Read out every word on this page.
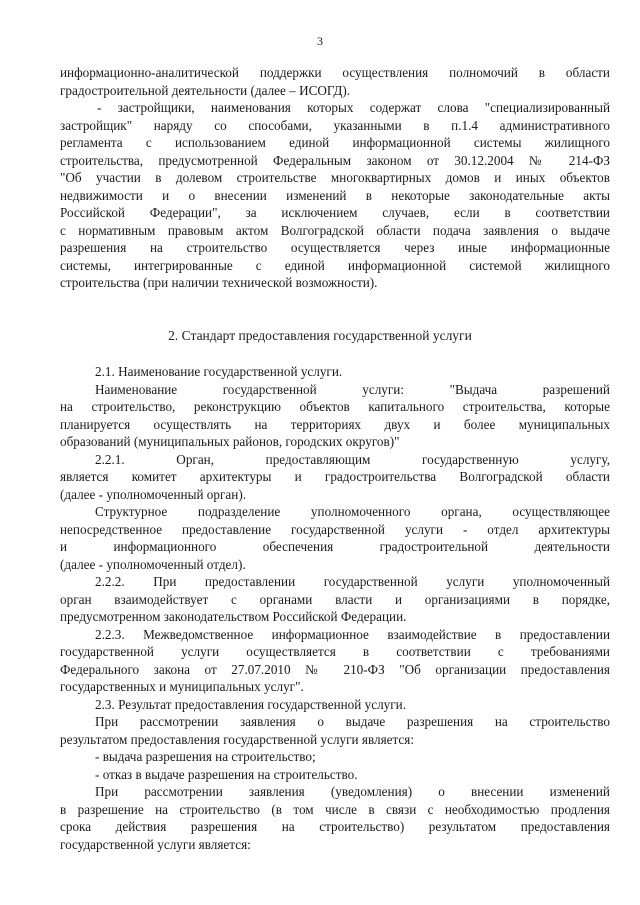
3
информационно-аналитической поддержки осуществления полномочий в области
градостроительной деятельности (далее – ИСОГД).
- застройщики, наименования которых содержат слова "специализированный
застройщик" наряду со способами, указанными в п.1.4 административного
регламента с использованием единой информационной системы жилищного
строительства, предусмотренной Федеральным законом от 30.12.2004 № 214-ФЗ
"Об участии в долевом строительстве многоквартирных домов и иных объектов
недвижимости и о внесении изменений в некоторые законодательные акты
Российской Федерации", за исключением случаев, если в соответствии
с нормативным правовым актом Волгоградской области подача заявления о выдаче
разрешения на строительство осуществляется через иные информационные
системы, интегрированные с единой информационной системой жилищного
строительства (при наличии технической возможности).
2. Стандарт предоставления государственной услуги
2.1. Наименование государственной услуги.
Наименование государственной услуги: "Выдача разрешений
на строительство, реконструкцию объектов капитального строительства, которые
планируется осуществлять на территориях двух и более муниципальных
образований (муниципальных районов, городских округов)"
2.2.1. Орган, предоставляющим государственную услугу,
является комитет архитектуры и градостроительства Волгоградской области
(далее - уполномоченный орган).
Структурное подразделение уполномоченного органа, осуществляющее
непосредственное предоставление государственной услуги - отдел архитектуры
и информационного обеспечения градостроительной деятельности
(далее - уполномоченный отдел).
2.2.2. При предоставлении государственной услуги уполномоченный
орган взаимодействует с органами власти и организациями в порядке,
предусмотренном законодательством Российской Федерации.
2.2.3. Межведомственное информационное взаимодействие в предоставлении
государственной услуги осуществляется в соответствии с требованиями
Федерального закона от 27.07.2010 № 210-ФЗ "Об организации предоставления
государственных и муниципальных услуг".
2.3. Результат предоставления государственной услуги.
При рассмотрении заявления о выдаче разрешения на строительство
результатом предоставления государственной услуги является:
- выдача разрешения на строительство;
- отказ в выдаче разрешения на строительство.
При рассмотрении заявления (уведомления) о внесении изменений
в разрешение на строительство (в том числе в связи с необходимостью продления
срока действия разрешения на строительство) результатом предоставления
государственной услуги является:
